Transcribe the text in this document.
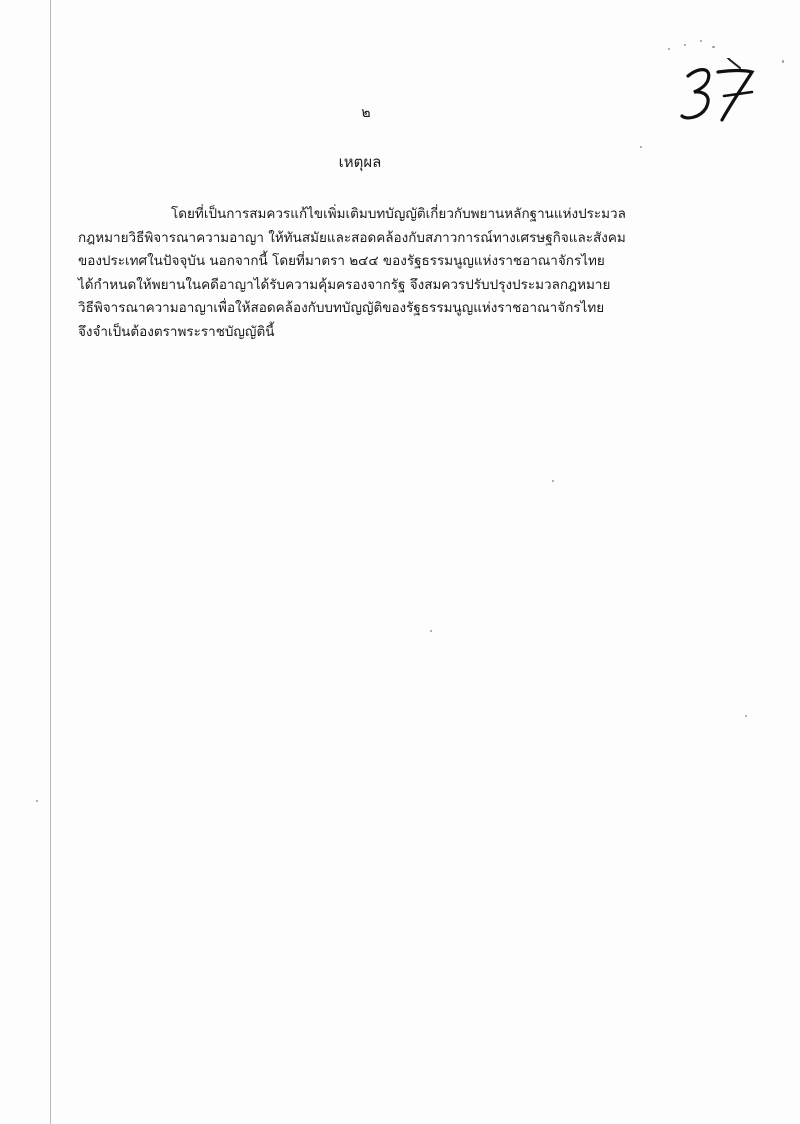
๒
เหตุผล

โดยที่เป็นการสมควรแก้ไขเพิ่มเติมบทบัญญัติเกี่ยวกับพยานหลักฐานแห่งประมวล
กฎหมายวิธีพิจารณาความอาญา ให้ทันสมัยและสอดคล้องกับสภาวการณ์ทางเศรษฐกิจและสังคม
ของประเทศในปัจจุบัน นอกจากนี้ โดยที่มาตรา ๒๔๔ ของรัฐธรรมนูญแห่งราชอาณาจักรไทย
ได้กำหนดให้พยานในคดีอาญาได้รับความคุ้มครองจากรัฐ จึงสมควรปรับปรุงประมวลกฎหมาย
วิธีพิจารณาความอาญาเพื่อให้สอดคล้องกับบทบัญญัติของรัฐธรรมนูญแห่งราชอาณาจักรไทย
จึงจำเป็นต้องตราพระราชบัญญัตินี้
